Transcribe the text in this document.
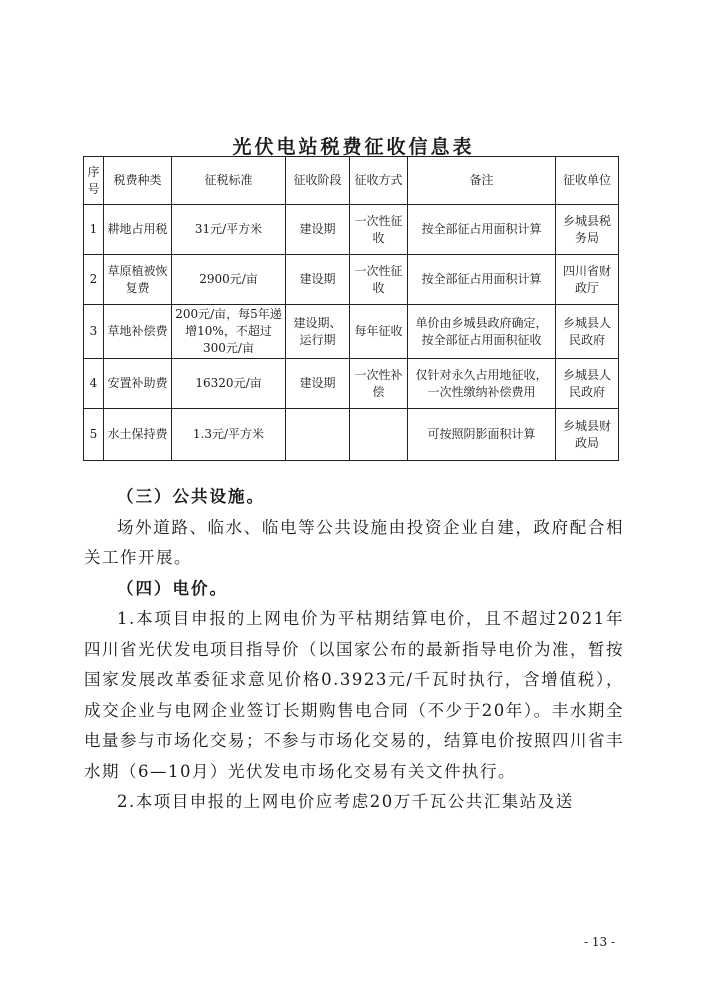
光伏电站税费征收信息表
序号	税费种类	征税标准	征收阶段	征收方式	备注	征收单位
1	耕地占用税	31元/平方米	建设期	一次性征收	按全部征占用面积计算	乡城县税务局
2	草原植被恢复费	2900元/亩	建设期	一次性征收	按全部征占用面积计算	四川省财政厅
3	草地补偿费	200元/亩，每5年递增10%，不超过300元/亩	建设期、运行期	每年征收	单价由乡城县政府确定，按全部征占用面积征收	乡城县人民政府
4	安置补助费	16320元/亩	建设期	一次性补偿	仅针对永久占用地征收，一次性缴纳补偿费用	乡城县人民政府
5	水土保持费	1.3元/平方米			可按照阴影面积计算	乡城县财政局
（三）公共设施。

场外道路、临水、临电等公共设施由投资企业自建，政府配合相关工作开展。

（四）电价。

1.本项目申报的上网电价为平枯期结算电价，且不超过2021年四川省光伏发电项目指导价（以国家公布的最新指导电价为准，暂按国家发展改革委征求意见价格0.3923元/千瓦时执行，含增值税），成交企业与电网企业签订长期购售电合同（不少于20年）。丰水期全电量参与市场化交易；不参与市场化交易的，结算电价按照四川省丰水期（6—10月）光伏发电市场化交易有关文件执行。

2.本项目申报的上网电价应考虑20万千瓦公共汇集站及送

- 13 -
